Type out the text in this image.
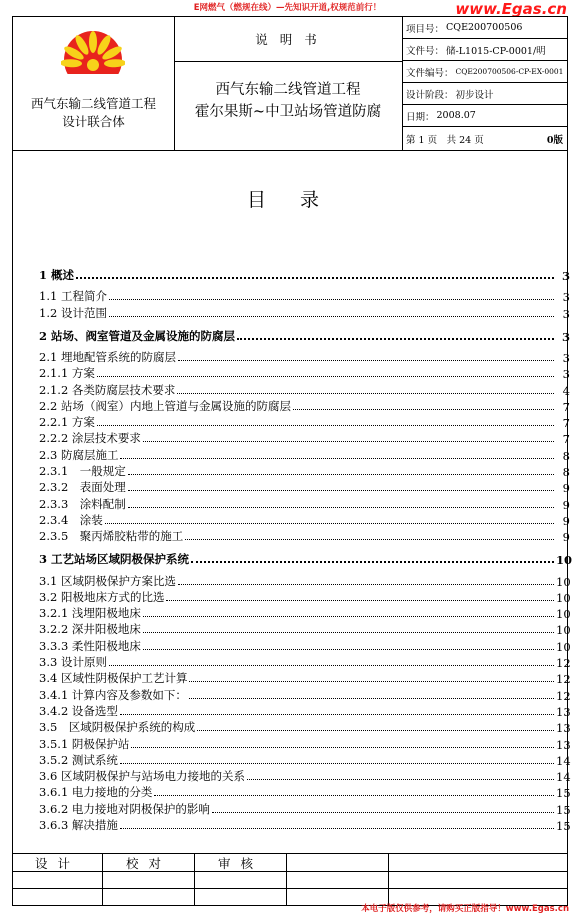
E网燃气（燃规在线）—先知识开道,权规范前行！	www.Egas.cn
西气东输二线管道工程
设计联合体
说 明 书
西气东输二线管道工程
霍尔果斯~中卫站场管道防腐
项目号： CQE200700506
文件号： 储-L1015-CP-0001/明
文件编号： CQE200700506-CP-EX-0001
设计阶段： 初步设计
日期： 2008.07
第 1 页　共 24 页	0版
目 录
1 概述	3
1.1 工程简介	3
1.2 设计范围	3
2 站场、阀室管道及金属设施的防腐层	3
2.1 埋地配管系统的防腐层	3
2.1.1 方案	3
2.1.2 各类防腐层技术要求	4
2.2 站场（阀室）内地上管道与金属设施的防腐层	7
2.2.1 方案	7
2.2.2 涂层技术要求	7
2.3 防腐层施工	8
2.3.1　一般规定	8
2.3.2　表面处理	9
2.3.3　涂料配制	9
2.3.4　涂装	9
2.3.5　聚丙烯胶粘带的施工	9
3 工艺站场区域阴极保护系统	10
3.1 区域阴极保护方案比选	10
3.2 阳极地床方式的比选	10
3.2.1 浅埋阳极地床	10
3.2.2 深井阳极地床	10
3.3.3 柔性阳极地床	10
3.3 设计原则	12
3.4 区域性阴极保护工艺计算	12
3.4.1 计算内容及参数如下：	12
3.4.2 设备选型	13
3.5　区域阴极保护系统的构成	13
3.5.1 阴极保护站	13
3.5.2 测试系统	14
3.6 区域阴极保护与站场电力接地的关系	14
3.6.1 电力接地的分类	15
3.6.2 电力接地对阴极保护的影响	15
3.6.3 解决措施	15
设计	校对	审核
本电子版仅供参考，请购买正版指导！www.Egas.cn
